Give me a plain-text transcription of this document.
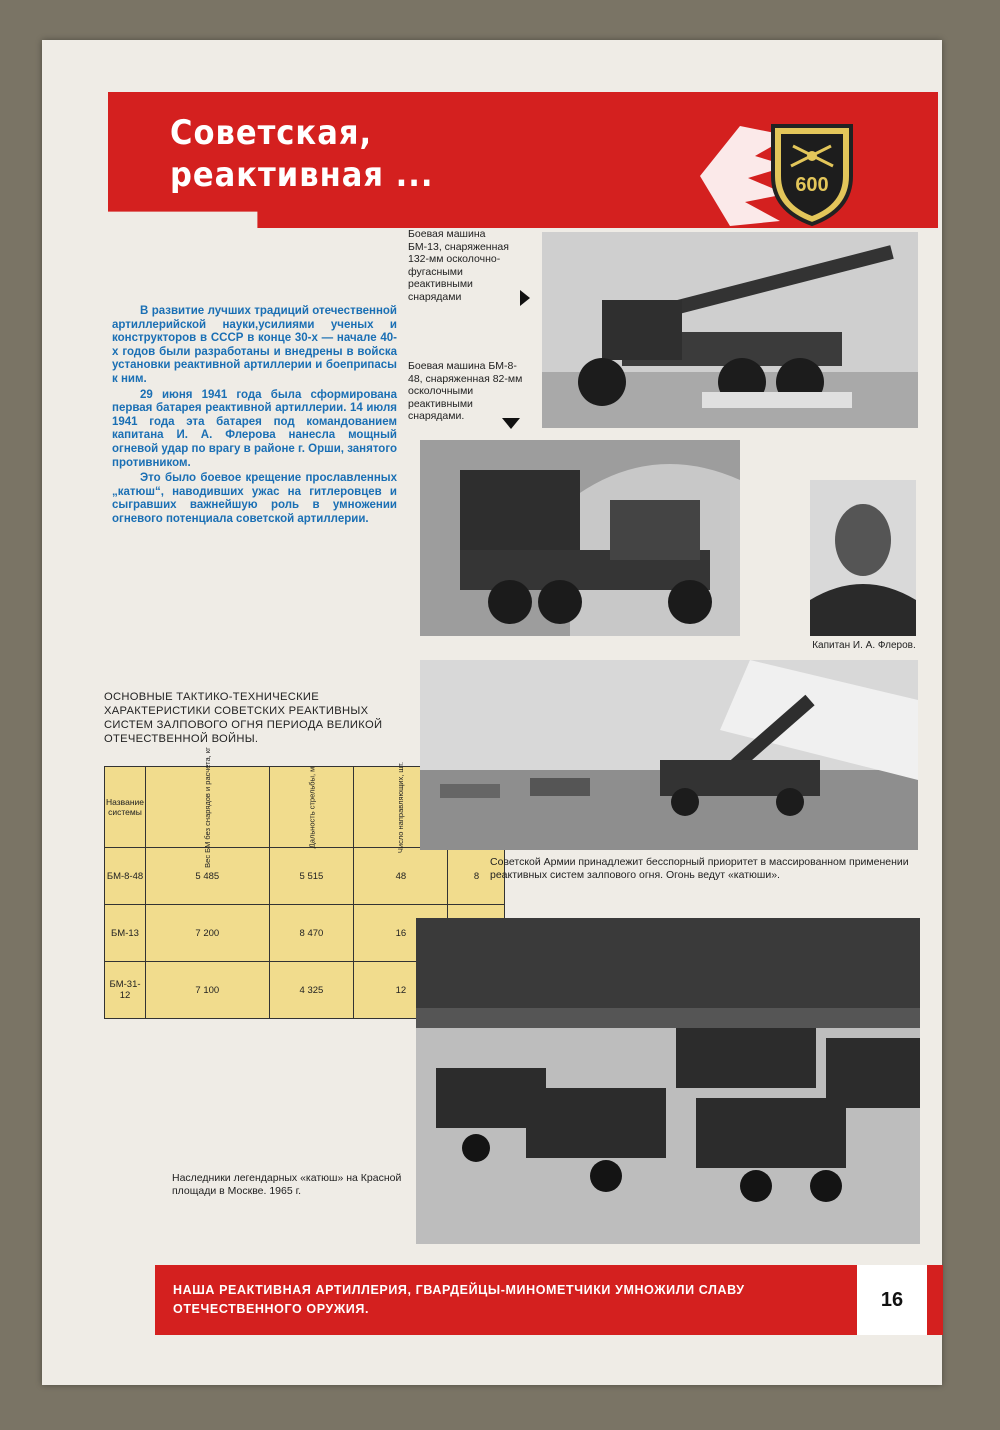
Советская,
реактивная ...	600
Боевая машина БМ-13, снаряженная 132-мм осколочно-фугасными реактивными снарядами
Боевая машина БМ-8-48, снаряженная 82-мм осколочными реактивными снарядами.

В развитие лучших традиций отечественной артиллерийской науки,усилиями ученых и конструкторов в СССР в конце 30-х — начале 40-х годов были разработаны и внедрены в войска установки реактивной артиллерии и боеприпасы к ним.

29 июня 1941 года была сформирована первая батарея реактивной артиллерии. 14 июля 1941 года эта батарея под командованием капитана И. А. Флерова нанесла мощный огневой удар по врагу в районе г. Орши, занятого противником.

Это было боевое крещение прославленных „катюш“, наводивших ужас на гитлеровцев и сыгравших важнейшую роль в умножении огневого потенциала советской артиллерии.

Капитан И. А. Флеров.
ОСНОВНЫЕ ТАКТИКО-ТЕХНИЧЕСКИЕ ХАРАКТЕРИСТИКИ СОВЕТСКИХ РЕАКТИВНЫХ СИСТЕМ ЗАЛПОВОГО ОГНЯ ПЕРИОДА ВЕЛИКОЙ ОТЕЧЕСТВЕННОЙ ВОЙНЫ.
Название системы	Вес БМ без снарядов и расчета, кг	Дальность стрельбы, м	Число направляющих, шт.	
БМ-8-48	5 485	5 515	48	8
БМ-13	7 200	8 470	16	
БМ-31-12	7 100	4 325	12	
Советской Армии принадлежит бесспорный приоритет в массированном применении реактивных систем залпового огня. Огонь ведут «катюши».
Наследники легендарных «катюш» на Красной площади в Москве. 1965 г.
НАША РЕАКТИВНАЯ АРТИЛЛЕРИЯ, ГВАРДЕЙЦЫ-МИНОМЕТЧИКИ УМНОЖИЛИ СЛАВУ ОТЕЧЕСТВЕННОГО ОРУЖИЯ.	16
